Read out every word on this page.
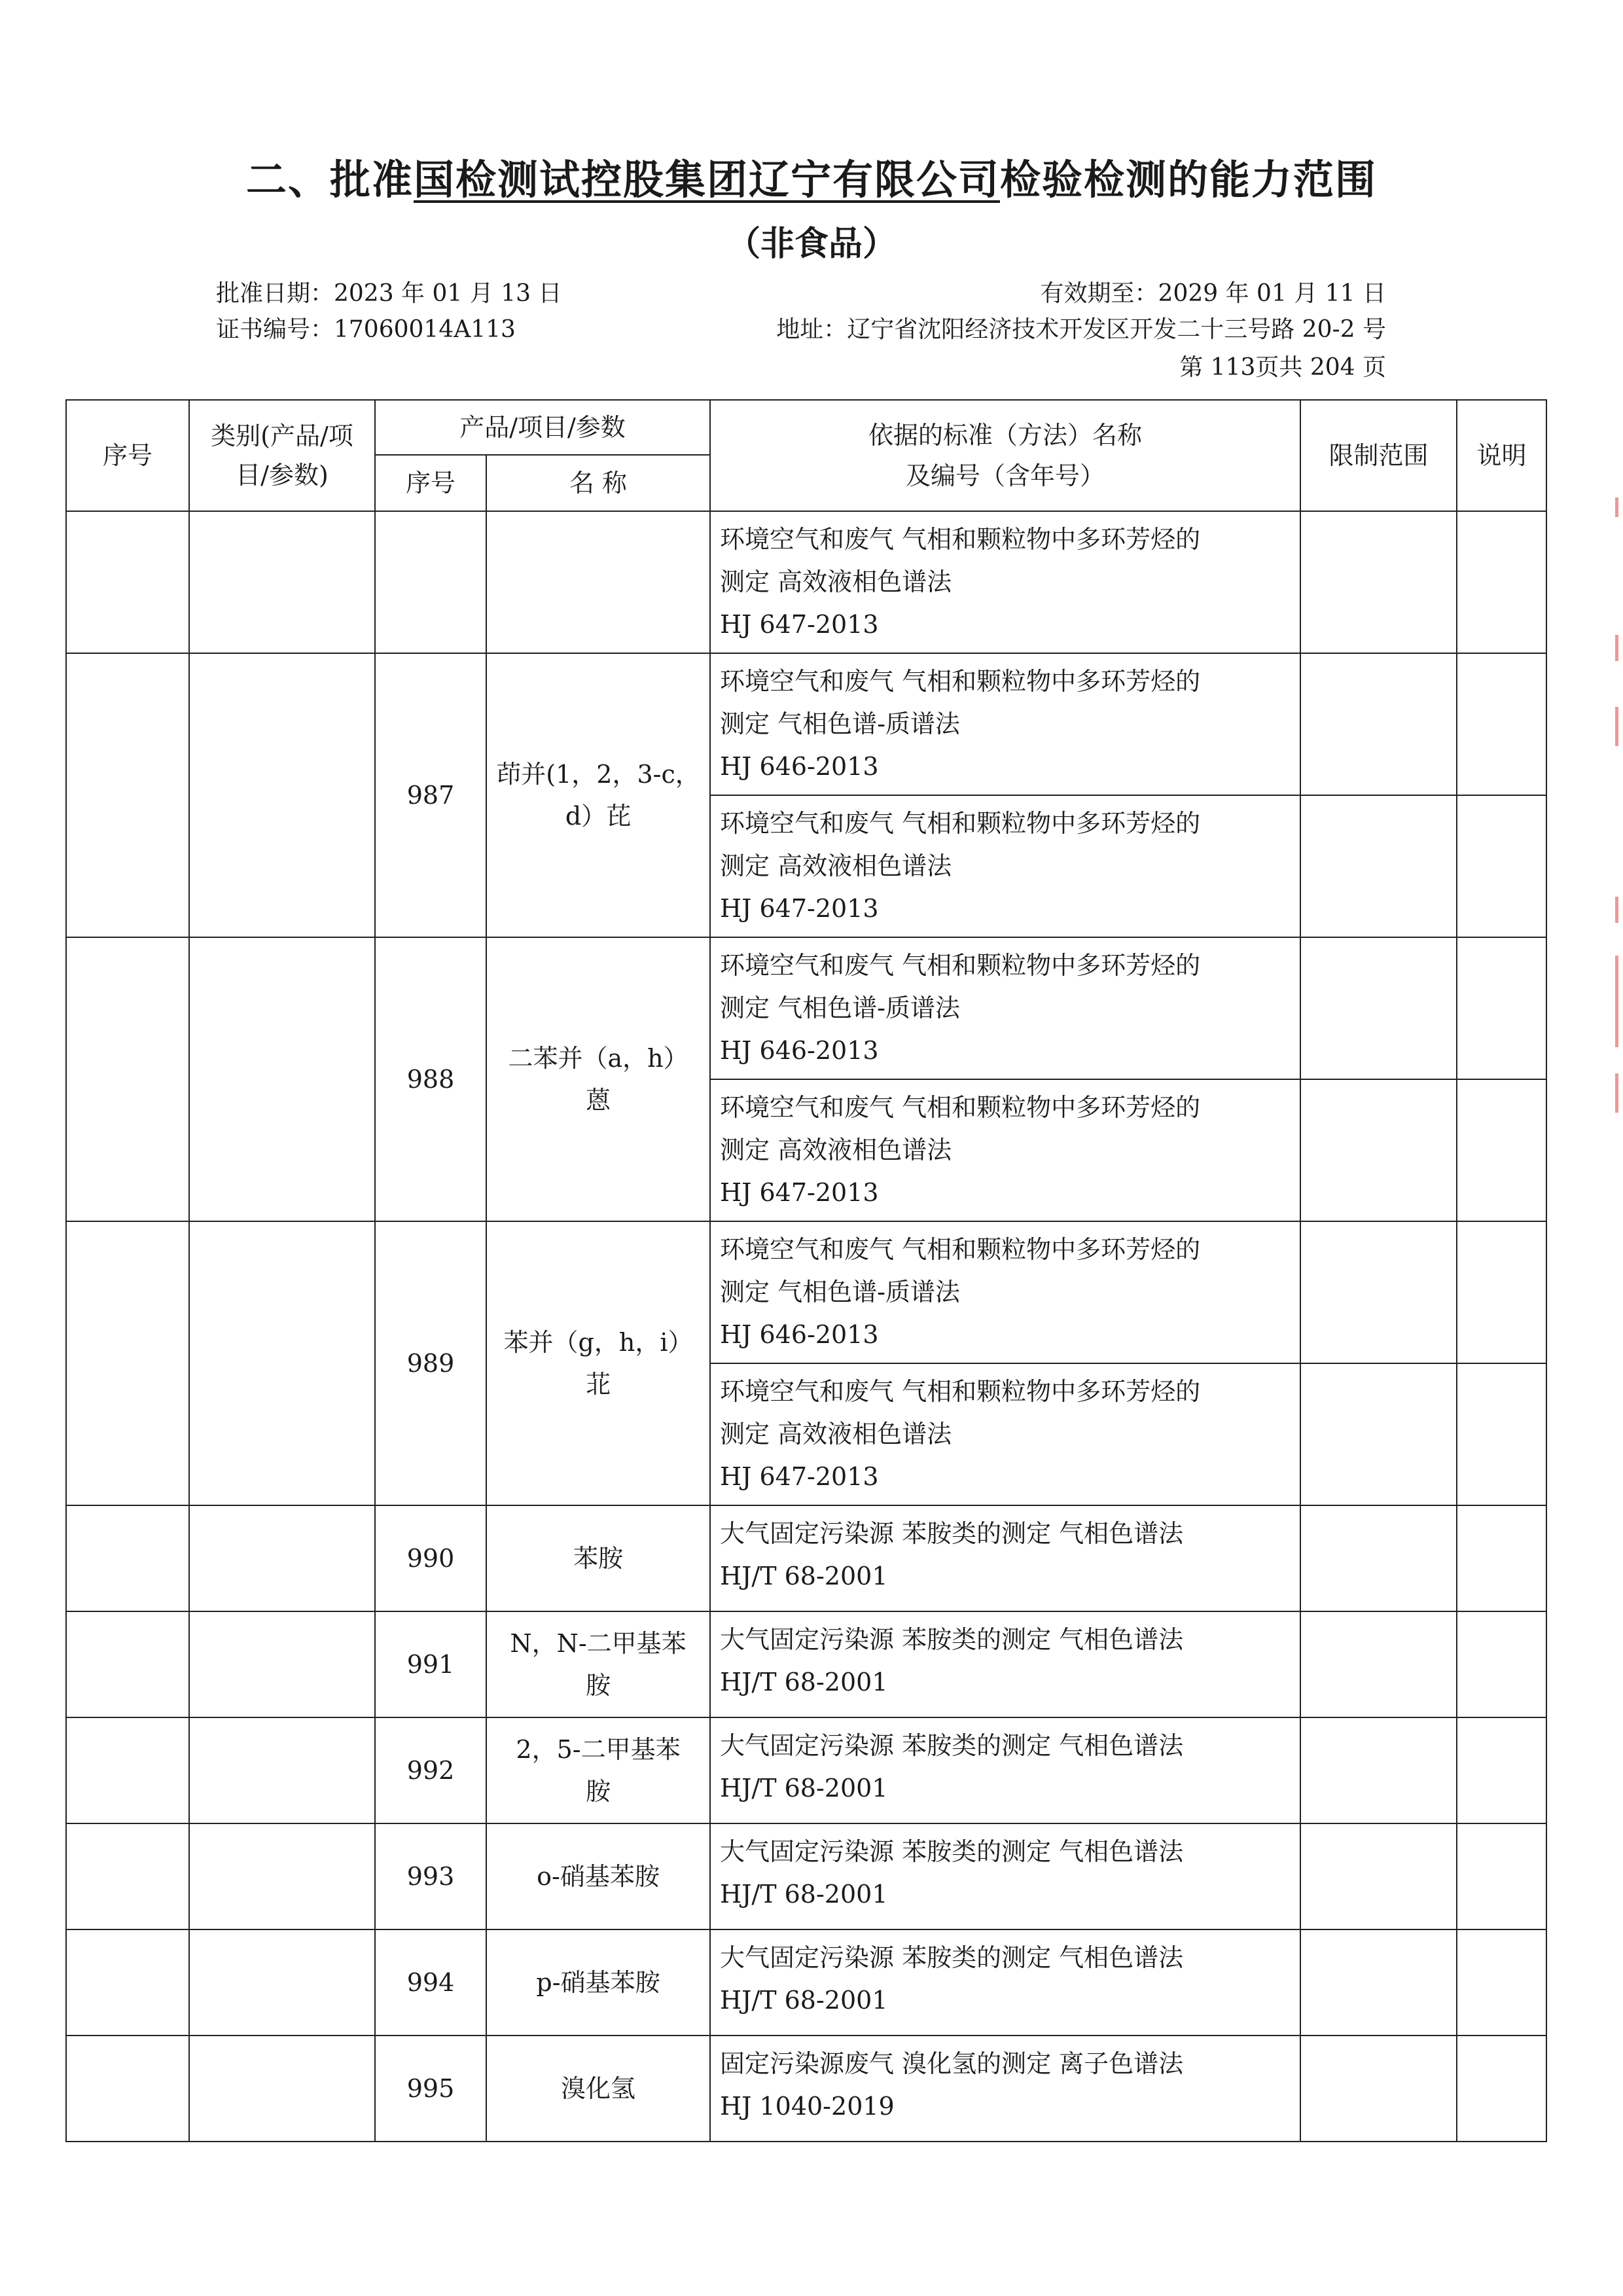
二、批准国检测试控股集团辽宁有限公司检验检测的能力范围
（非食品）
批准日期：2023 年 01 月 13 日	有效期至：2029 年 01 月 11 日
证书编号：17060014A113	地址：辽宁省沈阳经济技术开发区开发二十三号路 20-2 号
第 113页共 204 页
序号	类别(产品/项目/参数)	产品/项目/参数		依据的标准（方法）名称
及编号（含年号）	限制范围	说明
		序号	名 称			

				环境空气和废气 气相和颗粒物中多环芳烃的
测定 高效液相色谱法
HJ 647-2013		

		987	茚并(1，2，3-c，
d）芘	环境空气和废气 气相和颗粒物中多环芳烃的
测定 气相色谱-质谱法
HJ 646-2013		

				环境空气和废气 气相和颗粒物中多环芳烃的
测定 高效液相色谱法
HJ 647-2013		

		988	二苯并（a，h）
蒽	环境空气和废气 气相和颗粒物中多环芳烃的
测定 气相色谱-质谱法
HJ 646-2013		

				环境空气和废气 气相和颗粒物中多环芳烃的
测定 高效液相色谱法
HJ 647-2013		

		989	苯并（g，h，i）
苝	环境空气和废气 气相和颗粒物中多环芳烃的
测定 气相色谱-质谱法
HJ 646-2013		

				环境空气和废气 气相和颗粒物中多环芳烃的
测定 高效液相色谱法
HJ 647-2013		

		990	苯胺	大气固定污染源 苯胺类的测定 气相色谱法
HJ/T 68-2001		

		991	N，N-二甲基苯
胺	大气固定污染源 苯胺类的测定 气相色谱法
HJ/T 68-2001		

		992	2，5-二甲基苯
胺	大气固定污染源 苯胺类的测定 气相色谱法
HJ/T 68-2001		

		993	o-硝基苯胺	大气固定污染源 苯胺类的测定 气相色谱法
HJ/T 68-2001		

		994	p-硝基苯胺	大气固定污染源 苯胺类的测定 气相色谱法
HJ/T 68-2001		

		995	溴化氢	固定污染源废气 溴化氢的测定 离子色谱法
HJ 1040-2019		
